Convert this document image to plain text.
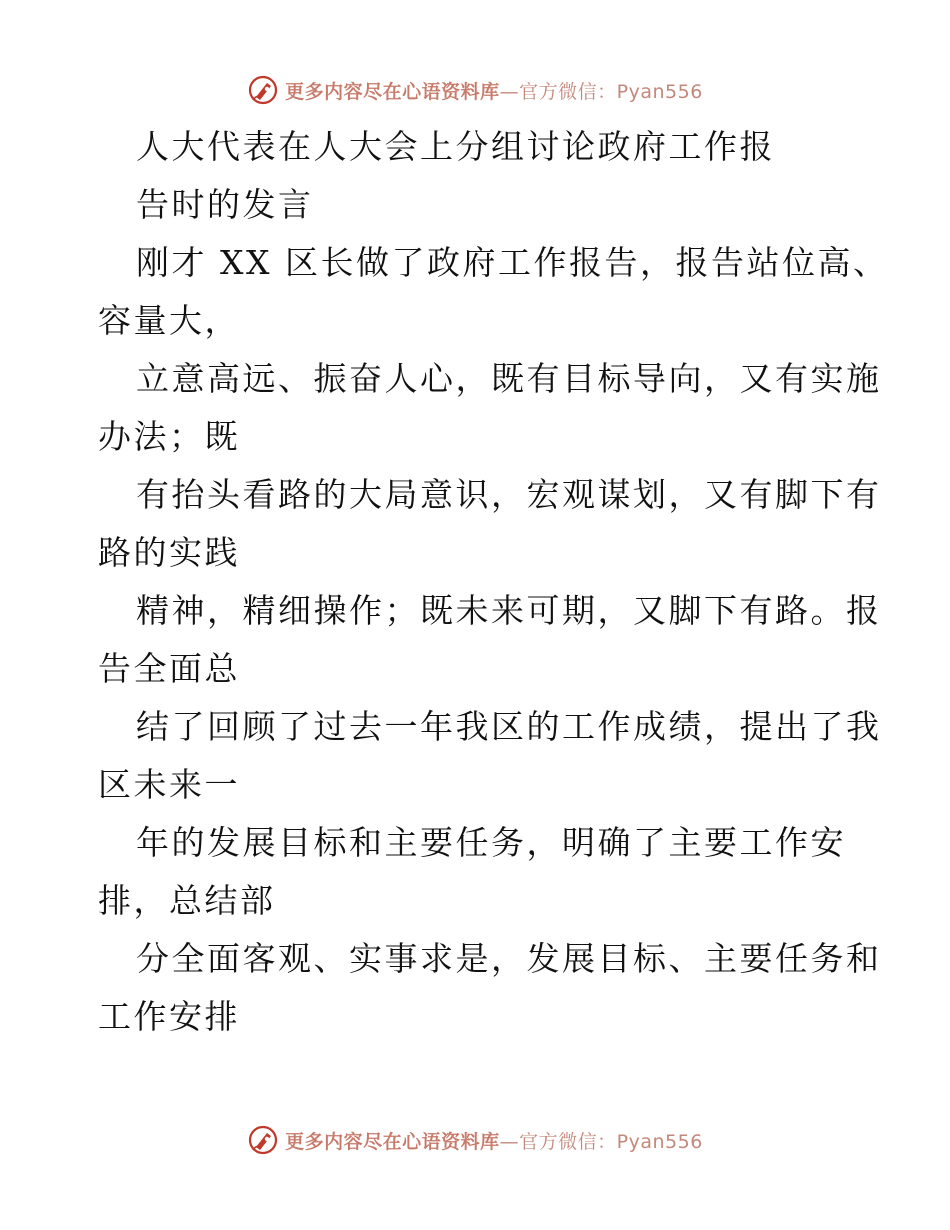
更多内容尽在心语资料库—官方微信：Pyan556
人大代表在人大会上分组讨论政府工作报
告时的发言
刚才 XX 区长做了政府工作报告，报告站位高、
容量大，
立意高远、振奋人心，既有目标导向，又有实施
办法；既
有抬头看路的大局意识，宏观谋划，又有脚下有
路的实践
精神，精细操作；既未来可期，又脚下有路。报
告全面总
结了回顾了过去一年我区的工作成绩，提出了我
区未来一
年的发展目标和主要任务，明确了主要工作安
排，总结部
分全面客观、实事求是，发展目标、主要任务和
工作安排
更多内容尽在心语资料库—官方微信：Pyan556
